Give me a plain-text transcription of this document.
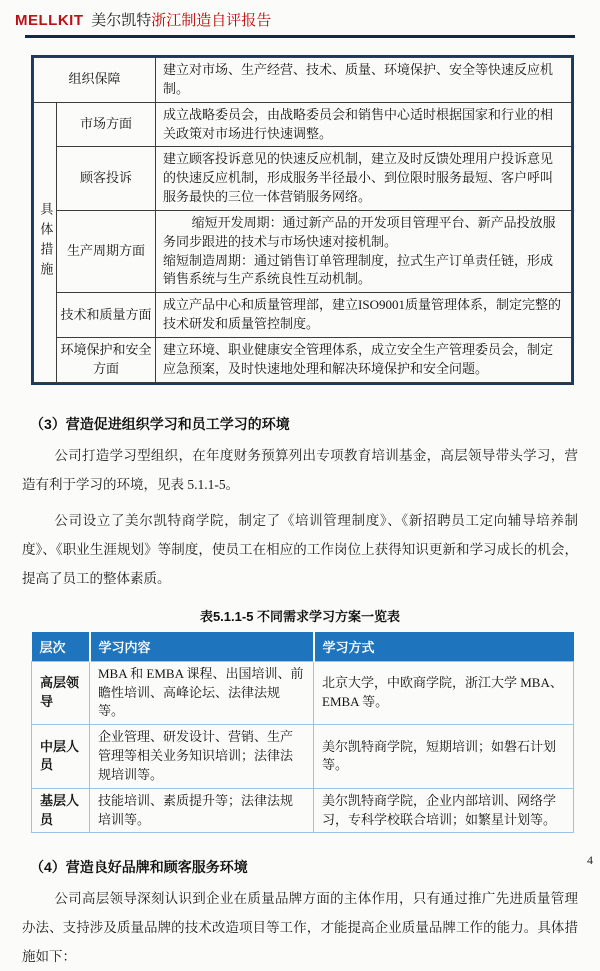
MELLKIT 美尔凯特浙江制造自评报告
组织保障		建立对市场、生产经营、技术、质量、环境保护、安全等快速反应机制。

具体措施	市场方面	成立战略委员会，由战略委员会和销售中心适时根据国家和行业的相关政策对市场进行快速调整。
	顾客投诉	建立顾客投诉意见的快速反应机制，建立及时反馈处理用户投诉意见的快速反应机制，形成服务半径最小、到位限时服务最短、客户呼叫服务最快的三位一体营销服务网络。
	生产周期方面	缩短开发周期：通过新产品的开发项目管理平台、新产品投放服务同步跟进的技术与市场快速对接机制。
缩短制造周期：通过销售订单管理制度，拉式生产订单责任链，形成销售系统与生产系统良性互动机制。

	技术和质量方面	成立产品中心和质量管理部，建立ISO9001质量管理体系，制定完整的技术研发和质量管控制度。
	环境保护和安全方面	建立环境、职业健康安全管理体系，成立安全生产管理委员会，制定应急预案，及时快速地处理和解决环境保护和安全问题。
（3）营造促进组织学习和员工学习的环境

公司打造学习型组织，在年度财务预算列出专项教育培训基金，高层领导带头学习，营造有利于学习的环境，见表 5.1.1-5。

公司设立了美尔凯特商学院，制定了《培训管理制度》、《新招聘员工定向辅导培养制度》、《职业生涯规划》等制度，使员工在相应的工作岗位上获得知识更新和学习成长的机会，提高了员工的整体素质。

表5.1.1-5 不同需求学习方案一览表
层次	学习内容	学习方式
高层领导	MBA 和 EMBA 课程、出国培训、前瞻性培训、高峰论坛、法律法规等。	北京大学，中欧商学院，浙江大学 MBA、EMBA 等。
中层人员	企业管理、研发设计、营销、生产管理等相关业务知识培训；法律法规培训等。	美尔凯特商学院，短期培训；如磐石计划等。
基层人员	技能培训、素质提升等；法律法规培训等。	美尔凯特商学院，企业内部培训、网络学习，专科学校联合培训；如繁星计划等。
（4）营造良好品牌和顾客服务环境

公司高层领导深刻认识到企业在质量品牌方面的主体作用，只有通过推广先进质量管理办法、支持涉及质量品牌的技术改造项目等工作，才能提高企业质量品牌工作的能力。具体措施如下：

4
